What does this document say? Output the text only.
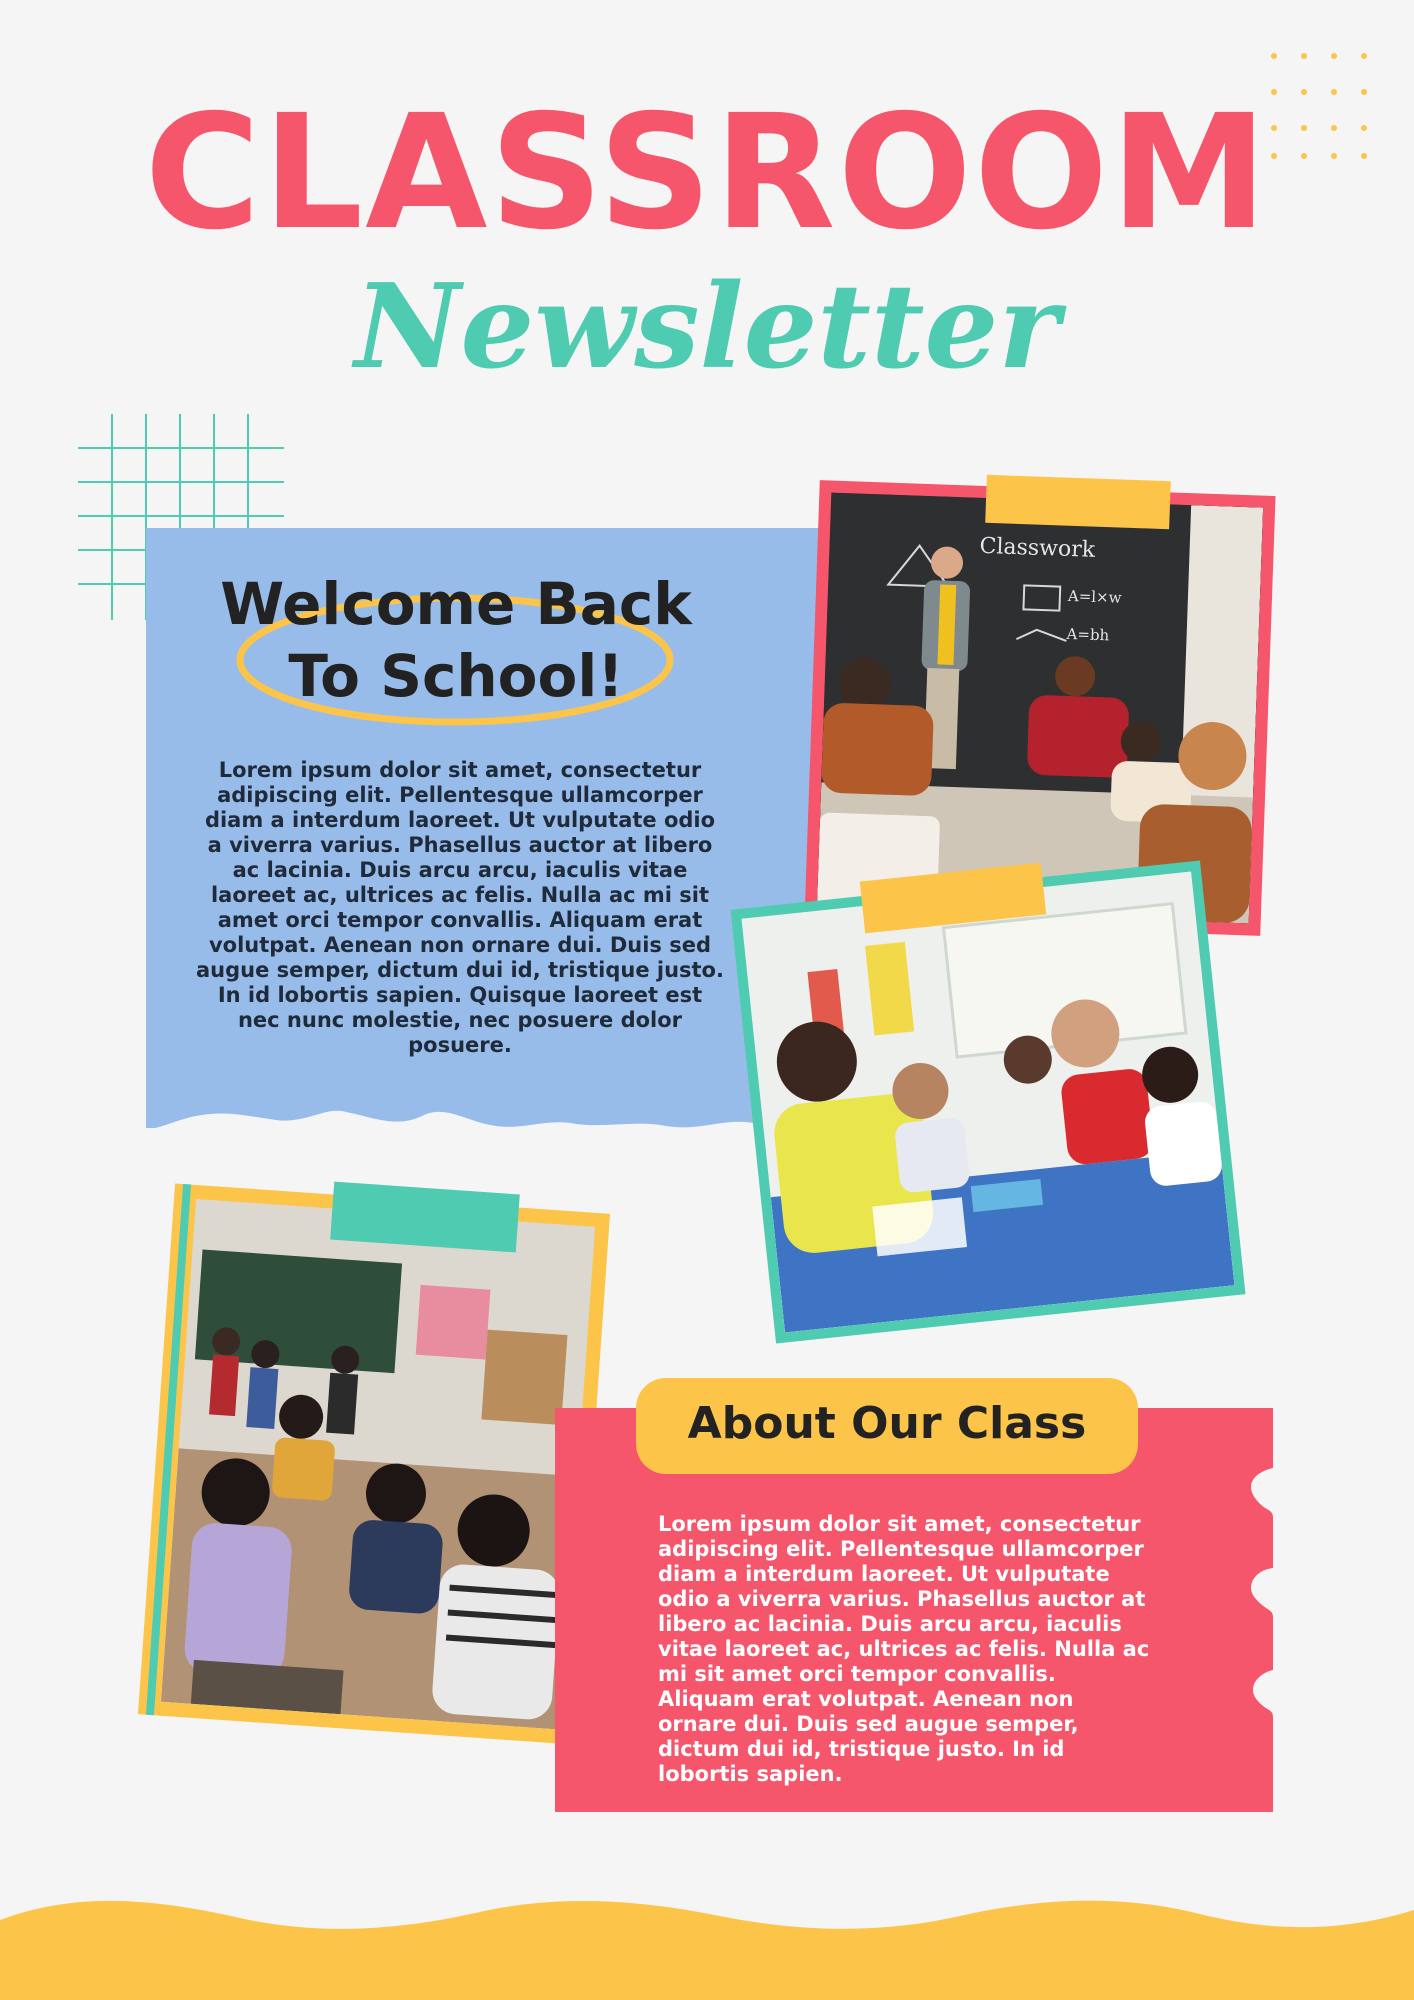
CLASSROOM
Newsletter
Welcome Back
To School!

Lorem ipsum dolor sit amet, consectetur adipiscing elit. Pellentesque ullamcorper diam a interdum laoreet. Ut vulputate odio a viverra varius. Phasellus auctor at libero ac lacinia. Duis arcu arcu, iaculis vitae laoreet ac, ultrices ac felis. Nulla ac mi sit amet orci tempor convallis. Aliquam erat volutpat. Aenean non ornare dui. Duis sed augue semper, dictum dui id, tristique justo. In id lobortis sapien. Quisque laoreet est nec nunc molestie, nec posuere dolor posuere.

Classwork
A=l×w
A=bh
About Our Class

Lorem ipsum dolor sit amet, consectetur adipiscing elit. Pellentesque ullamcorper diam a interdum laoreet. Ut vulputate odio a viverra varius. Phasellus auctor at libero ac lacinia. Duis arcu arcu, iaculis vitae laoreet ac, ultrices ac felis. Nulla ac mi sit amet orci tempor convallis. Aliquam erat volutpat. Aenean non ornare dui. Duis sed augue semper, dictum dui id, tristique justo. In id lobortis sapien.
